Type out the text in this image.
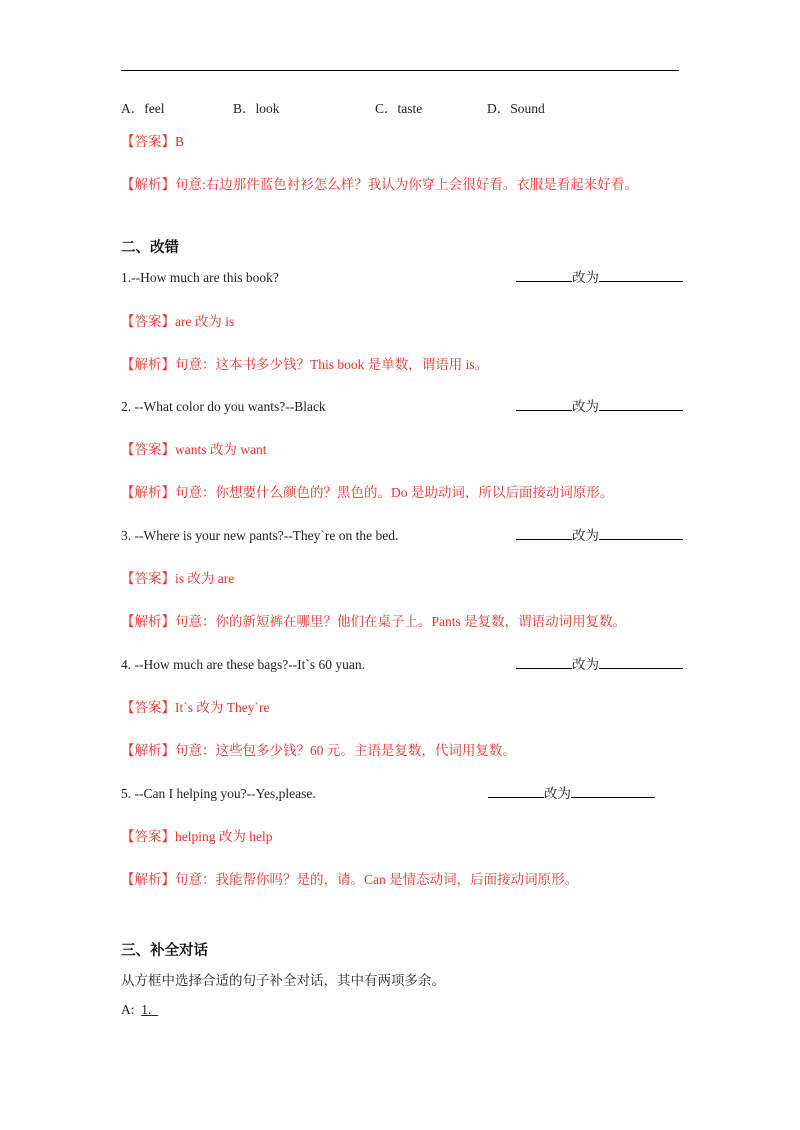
A．feel	B．look	C．taste	D．Sound
【答案】B
【解析】句意:右边那件蓝色衬衫怎么样？我认为你穿上会很好看。衣服是看起来好看。
二、改错
1.--How much are this book?	改为
【答案】are 改为 is
【解析】句意：这本书多少钱？This book 是单数，谓语用 is。
2. --What color do you wants?--Black	改为
【答案】wants 改为 want
【解析】句意：你想要什么颜色的？黑色的。Do 是助动词，所以后面接动词原形。
3. --Where is your new pants?--They`re on the bed.	改为
【答案】is 改为 are
【解析】句意：你的新短裤在哪里？他们在桌子上。Pants 是复数，谓语动词用复数。
4. --How much are these bags?--It`s 60 yuan.	改为
【答案】It`s 改为 They`re
【解析】句意：这些包多少钱？60 元。主语是复数，代词用复数。
5. --Can I helping you?--Yes,please.	改为
【答案】helping 改为 help
【解析】句意：我能帮你吗？是的，请。Can 是情态动词，后面接动词原形。
三、补全对话
从方框中选择合适的句子补全对话，其中有两项多余。
A: 1.
